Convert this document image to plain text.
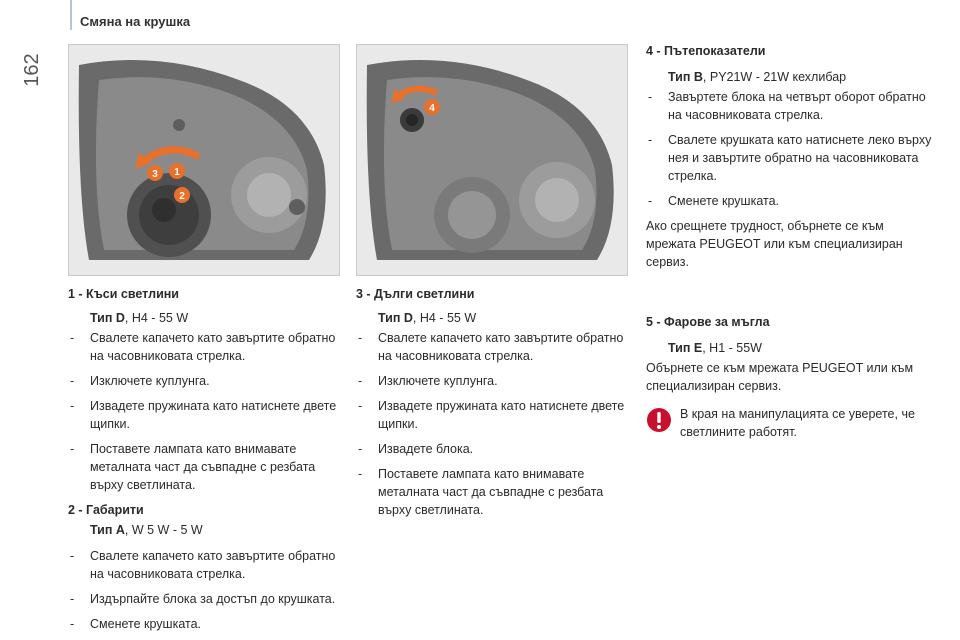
162
Смяна на крушка
3 1
2
4
1 - Къси светлини
Тип D, H4 - 55 W
- Свалете капачето като завъртите обратно на часовниковата стрелка.
- Изключете куплунга.
- Извадете пружината като натиснете двете щипки.
- Поставете лампата като внимавате металната част да съвпадне с резбата върху светлината.
2 - Габарити
Тип A, W 5 W - 5 W
- Свалете капачето като завъртите обратно на часовниковата стрелка.
- Издърпайте блока за достъп до крушката.
- Сменете крушката.
3 - Дълги светлини
Тип D, H4 - 55 W
- Свалете капачето като завъртите обратно на часовниковата стрелка.
- Изключете куплунга.
- Извадете пружината като натиснете двете щипки.
- Извадете блока.
- Поставете лампата като внимавате металната част да съвпадне с резбата върху светлината.
4 - Пътепоказатели
Тип B, PY21W - 21W кехлибар
- Завъртете блока на четвърт оборот обратно на часовниковата стрелка.
- Свалете крушката като натиснете леко върху нея и завъртите обратно на часовниковата стрелка.
- Сменете крушката.
Ако срещнете трудност, обърнете се към мрежата PEUGEOT или към специализиран сервиз.
5 - Фарове за мъгла
Тип E, H1 - 55W
Обърнете се към мрежата PEUGEOT или към специализиран сервиз.
В края на манипулацията се уверете, че светлините работят.
